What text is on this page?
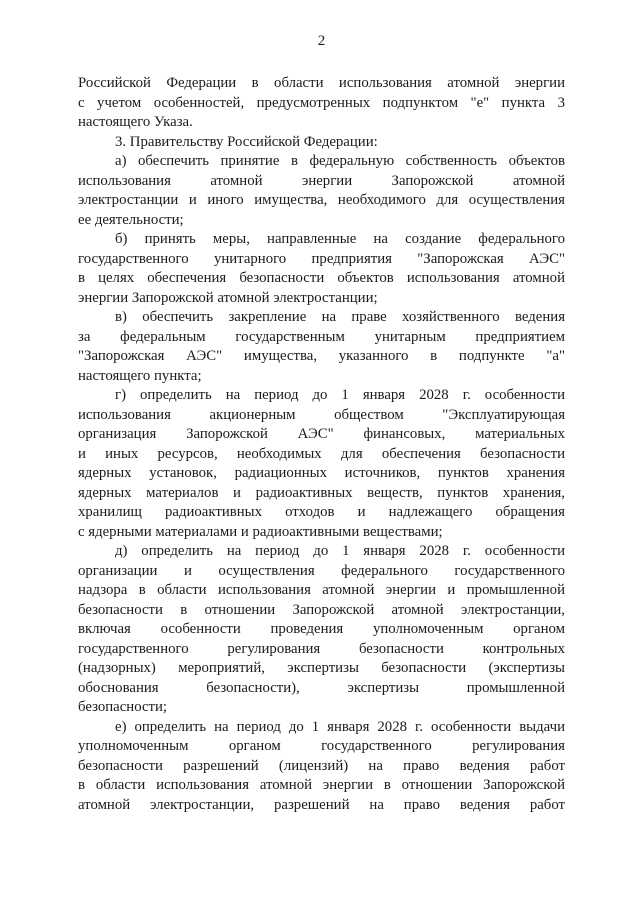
2
Российской Федерации в области использования атомной энергии
с учетом особенностей, предусмотренных подпунктом "е" пункта 3
настоящего Указа.
3. Правительству Российской Федерации:
а) обеспечить принятие в федеральную собственность объектов
использования атомной энергии Запорожской атомной
электростанции и иного имущества, необходимого для осуществления
ее деятельности;
б) принять меры, направленные на создание федерального
государственного унитарного предприятия "Запорожская АЭС"
в целях обеспечения безопасности объектов использования атомной
энергии Запорожской атомной электростанции;
в) обеспечить закрепление на праве хозяйственного ведения
за федеральным государственным унитарным предприятием
"Запорожская АЭС" имущества, указанного в подпункте "а"
настоящего пункта;
г) определить на период до 1 января 2028 г. особенности
использования акционерным обществом "Эксплуатирующая
организация Запорожской АЭС" финансовых, материальных
и иных ресурсов, необходимых для обеспечения безопасности
ядерных установок, радиационных источников, пунктов хранения
ядерных материалов и радиоактивных веществ, пунктов хранения,
хранилищ радиоактивных отходов и надлежащего обращения
с ядерными материалами и радиоактивными веществами;
д) определить на период до 1 января 2028 г. особенности
организации и осуществления федерального государственного
надзора в области использования атомной энергии и промышленной
безопасности в отношении Запорожской атомной электростанции,
включая особенности проведения уполномоченным органом
государственного регулирования безопасности контрольных
(надзорных) мероприятий, экспертизы безопасности (экспертизы
обоснования безопасности), экспертизы промышленной
безопасности;
е) определить на период до 1 января 2028 г. особенности выдачи
уполномоченным органом государственного регулирования
безопасности разрешений (лицензий) на право ведения работ
в области использования атомной энергии в отношении Запорожской
атомной электростанции, разрешений на право ведения работ
